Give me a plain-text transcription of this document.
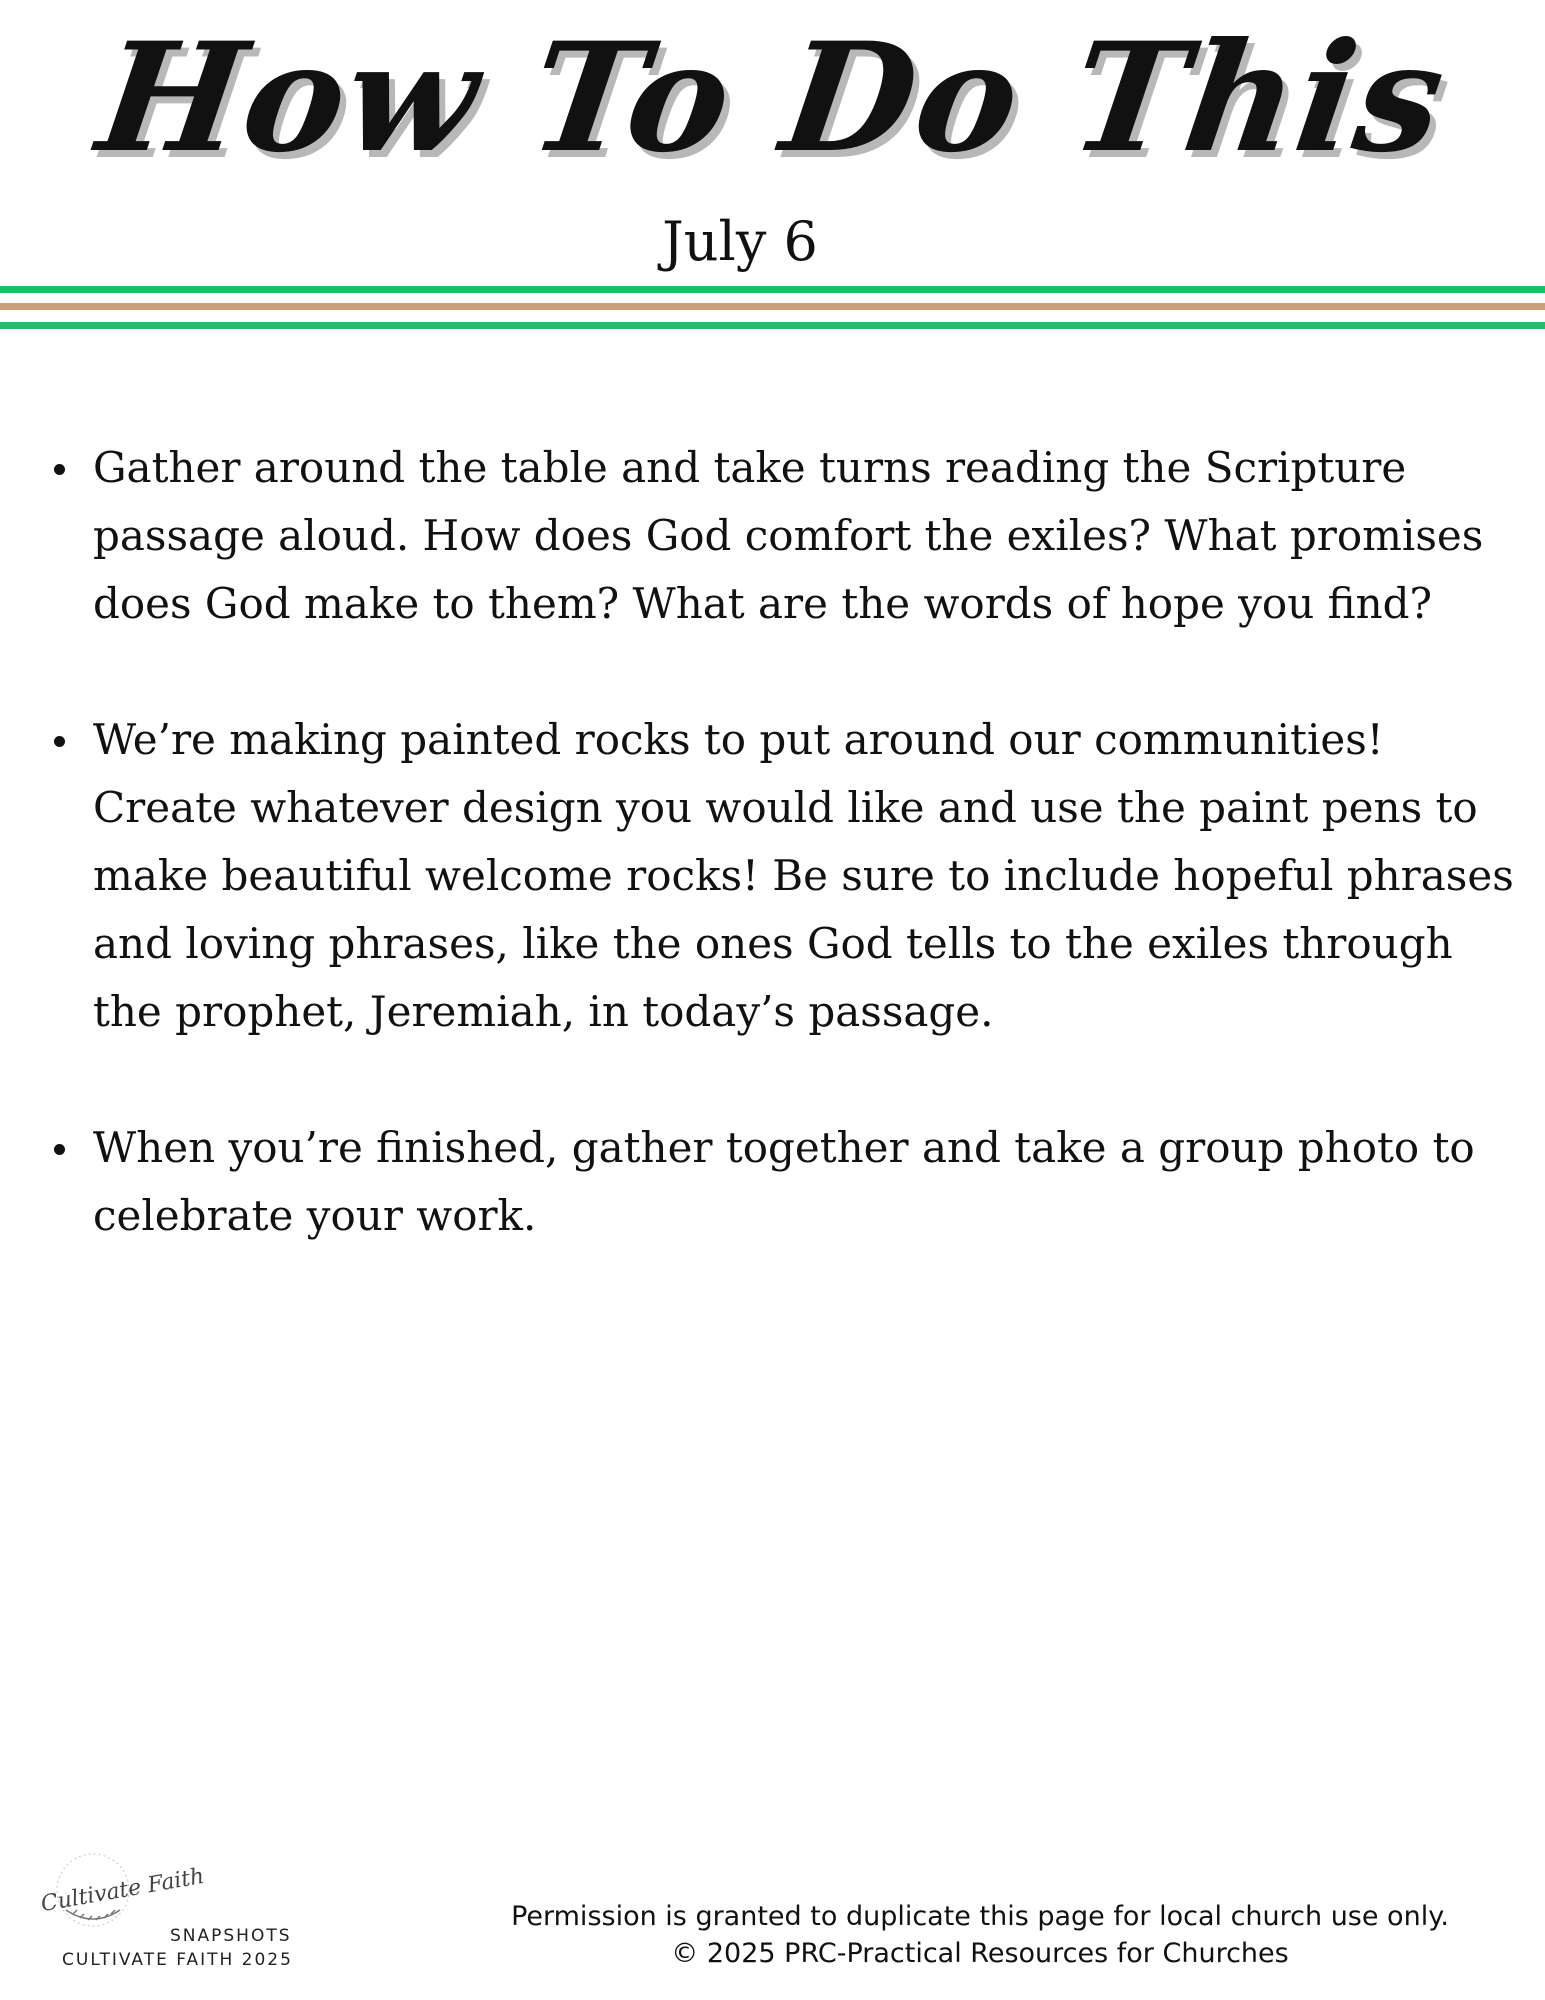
How To Do This
July 6
Gather around the table and take turns reading the Scripture passage aloud. How does God comfort the exiles? What promises does God make to them? What are the words of hope you find?
We’re making painted rocks to put around our communities! Create whatever design you would like and use the paint pens to make beautiful welcome rocks! Be sure to include hopeful phrases and loving phrases, like the ones God tells to the exiles through the prophet, Jeremiah, in today’s passage.
When you’re finished, gather together and take a group photo to celebrate your work.
Cultivate Faith
SNAPSHOTS
CULTIVATE FAITH 2025
Permission is granted to duplicate this page for local church use only.
© 2025 PRC-Practical Resources for Churches
